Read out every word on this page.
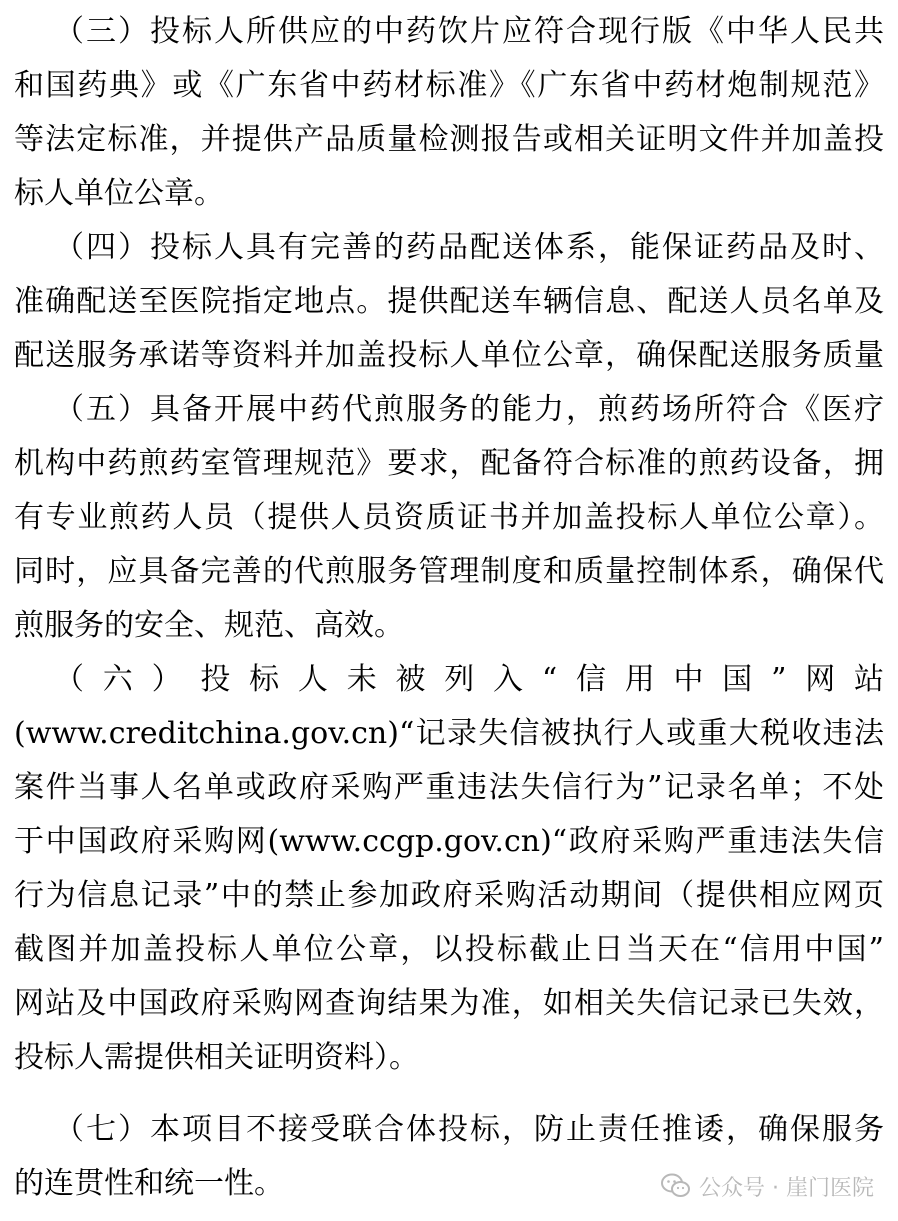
（三）投标人所供应的中药饮片应符合现行版《中华人民共
和国药典》或《广东省中药材标准》《广东省中药材炮制规范》
等法定标准，并提供产品质量检测报告或相关证明文件并加盖投
标人单位公章。
（四）投标人具有完善的药品配送体系，能保证药品及时、
准确配送至医院指定地点。提供配送车辆信息、配送人员名单及
配送服务承诺等资料并加盖投标人单位公章，确保配送服务质量
（五）具备开展中药代煎服务的能力，煎药场所符合《医疗
机构中药煎药室管理规范》要求，配备符合标准的煎药设备，拥
有专业煎药人员（提供人员资质证书并加盖投标人单位公章）。
同时，应具备完善的代煎服务管理制度和质量控制体系，确保代
煎服务的安全、规范、高效。
（六）投标人未被列入“信用中国”网站
(www.creditchina.gov.cn)“记录失信被执行人或重大税收违法
案件当事人名单或政府采购严重违法失信行为”记录名单；不处
于中国政府采购网(www.ccgp.gov.cn)“政府采购严重违法失信
行为信息记录”中的禁止参加政府采购活动期间（提供相应网页
截图并加盖投标人单位公章，以投标截止日当天在“信用中国”
网站及中国政府采购网查询结果为准，如相关失信记录已失效，
投标人需提供相关证明资料）。
（七）本项目不接受联合体投标，防止责任推诿，确保服务
的连贯性和统一性。	公众号 · 崖门医院
